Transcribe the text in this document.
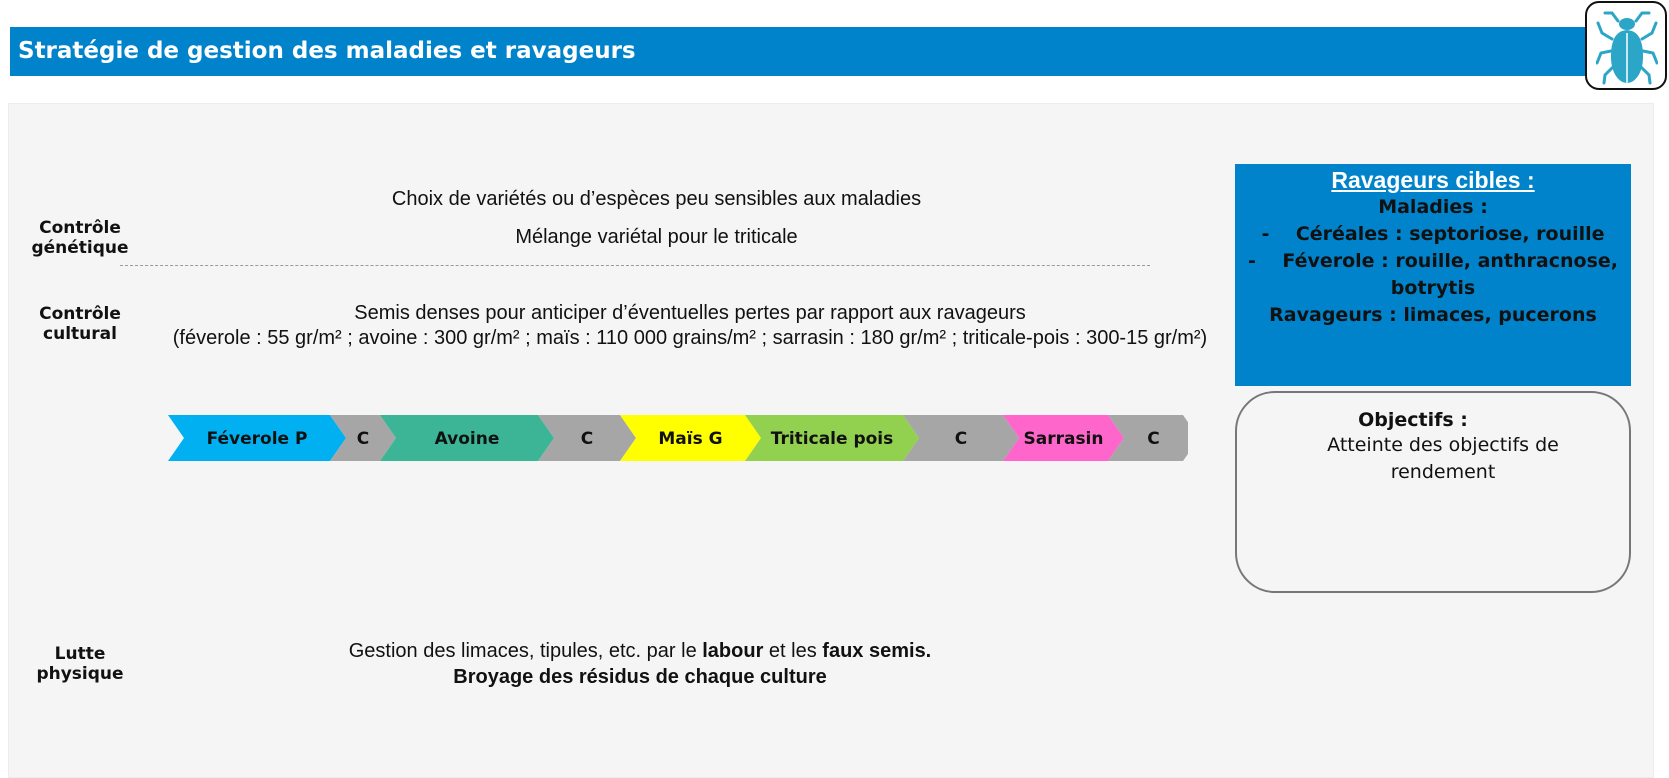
Stratégie de gestion des maladies et ravageurs
Contrôle
génétique
Contrôle
cultural
Lutte
physique
Choix de variétés ou d’espèces peu sensibles aux maladies
Mélange variétal pour le triticale
Semis denses pour anticiper d’éventuelles pertes par rapport aux ravageurs
(féverole : 55 gr/m² ; avoine : 300 gr/m² ; maïs : 110 000 grains/m² ; sarrasin : 180 gr/m² ; triticale-pois : 300-15 gr/m²)
Féverole P	C	Avoine	C	Maïs G	Triticale pois	C	Sarrasin	C
Ravageurs cibles :
Maladies :
- Céréales : septoriose, rouille
- Féverole : rouille, anthracnose,
botrytis
Ravageurs : limaces, pucerons
Objectifs :
Atteinte des objectifs de
rendement
Gestion des limaces, tipules, etc. par le labour et les faux semis.
Broyage des résidus de chaque culture
